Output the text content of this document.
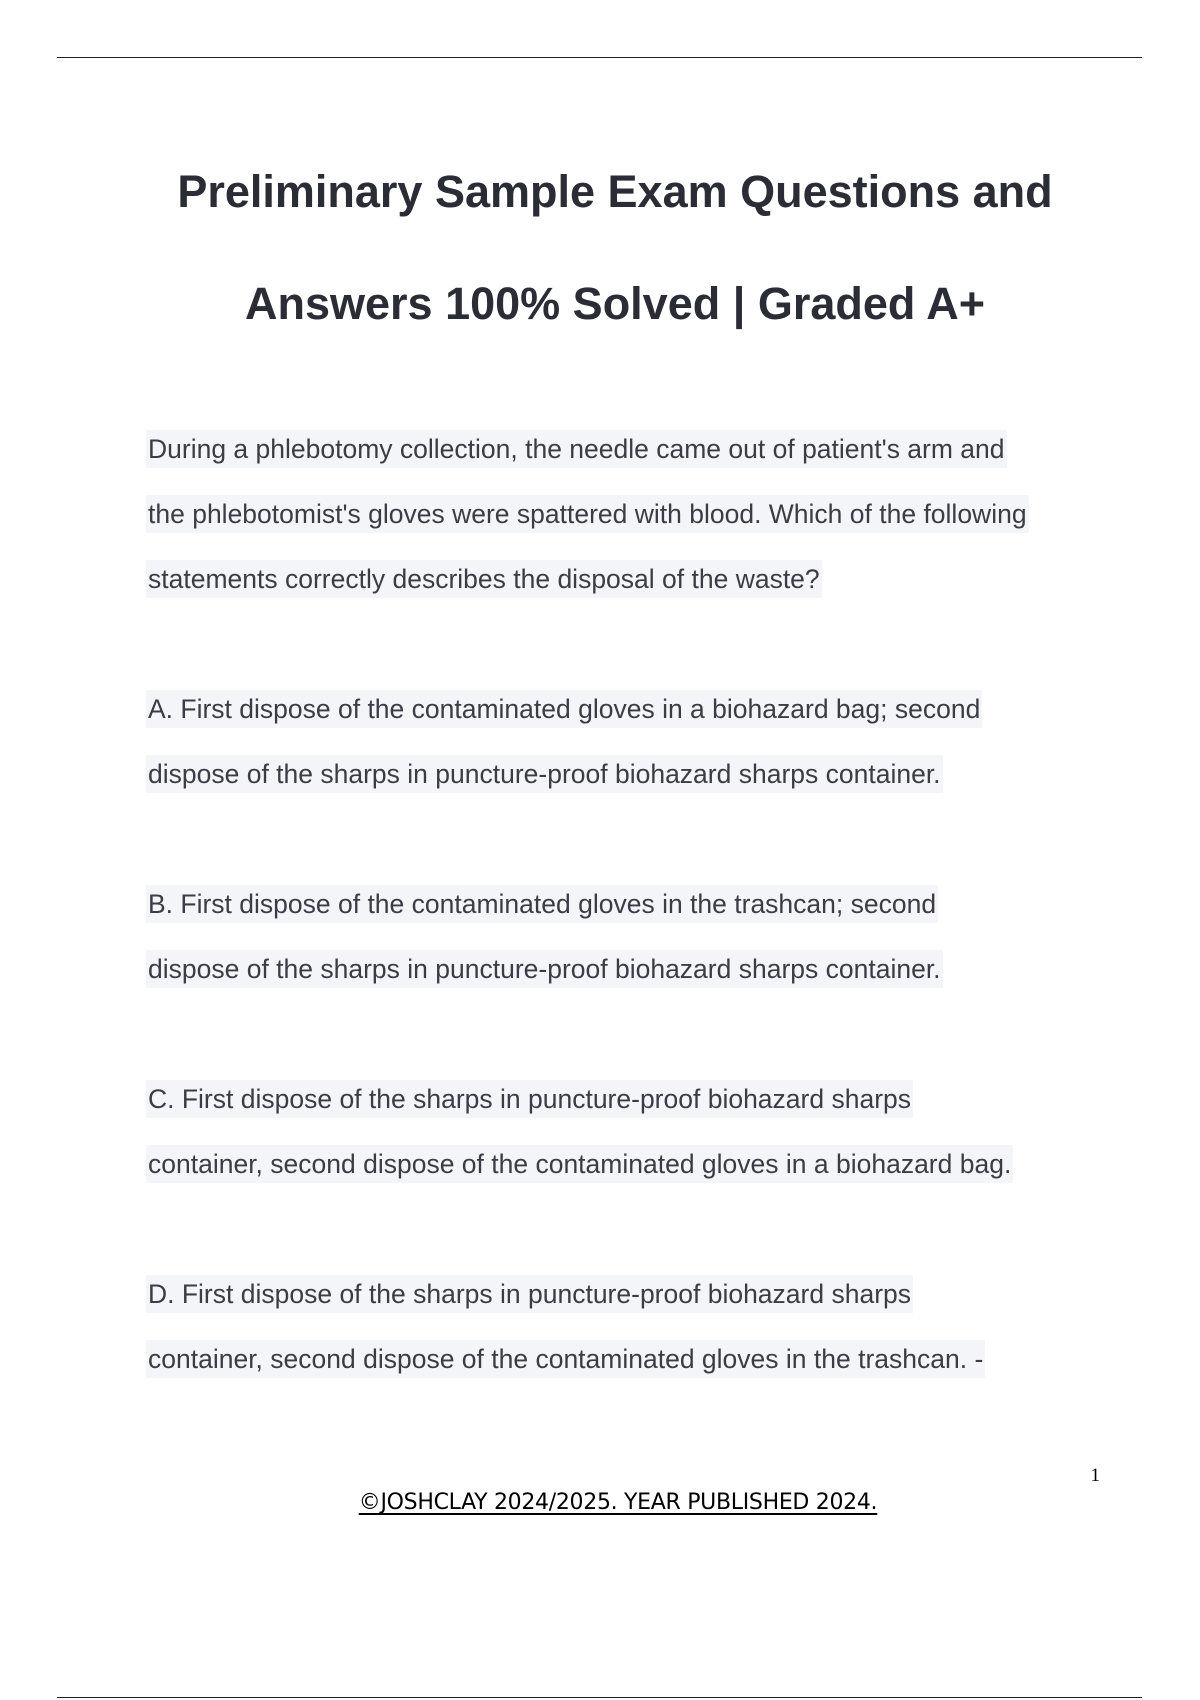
Preliminary Sample Exam Questions and
Answers 100% Solved | Graded A+

During a phlebotomy collection, the needle came out of patient's arm and
the phlebotomist's gloves were spattered with blood. Which of the following
statements correctly describes the disposal of the waste?

A. First dispose of the contaminated gloves in a biohazard bag; second
dispose of the sharps in puncture-proof biohazard sharps container.

B. First dispose of the contaminated gloves in the trashcan; second
dispose of the sharps in puncture-proof biohazard sharps container.

C. First dispose of the sharps in puncture-proof biohazard sharps
container, second dispose of the contaminated gloves in a biohazard bag.

D. First dispose of the sharps in puncture-proof biohazard sharps
container, second dispose of the contaminated gloves in the trashcan. -

1
©JOSHCLAY 2024/2025. YEAR PUBLISHED 2024.
